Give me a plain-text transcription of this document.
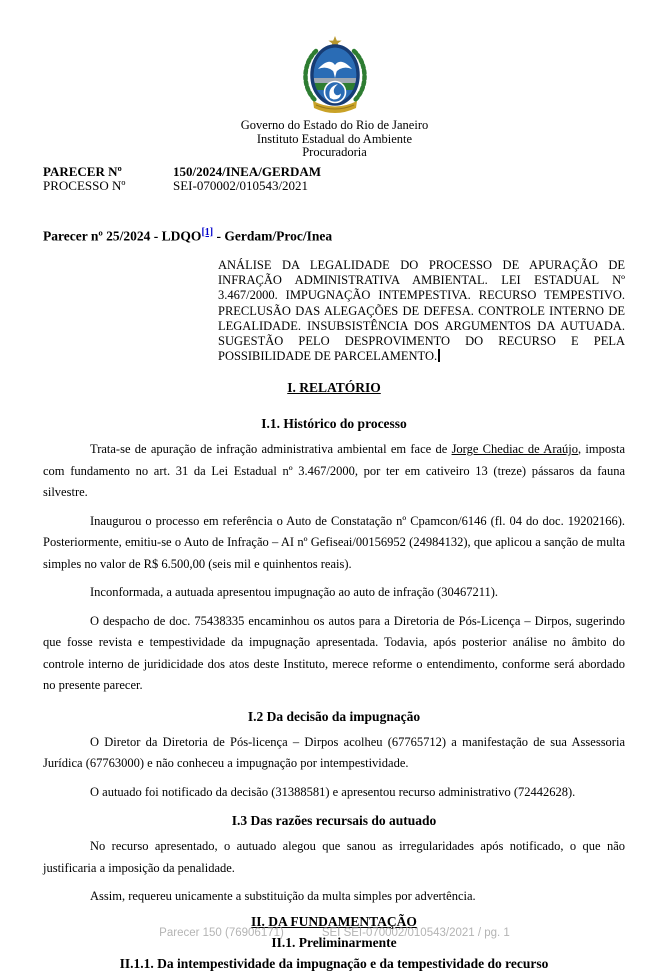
Governo do Estado do Rio de Janeiro
Instituto Estadual do Ambiente
Procuradoria
PARECER Nº	150/2024/INEA/GERDAM
PROCESSO Nº	SEI-070002/010543/2021
Parecer nº 25/2024 - LDQO[1] - Gerdam/Proc/Inea
ANÁLISE DA LEGALIDADE DO PROCESSO DE APURAÇÃO DE INFRAÇÃO ADMINISTRATIVA AMBIENTAL. LEI ESTADUAL Nº 3.467/2000. IMPUGNAÇÃO INTEMPESTIVA. RECURSO TEMPESTIVO. PRECLUSÃO DAS ALEGAÇÕES DE DEFESA. CONTROLE INTERNO DE LEGALIDADE. INSUBSISTÊNCIA DOS ARGUMENTOS DA AUTUADA. SUGESTÃO PELO DESPROVIMENTO DO RECURSO E PELA POSSIBILIDADE DE PARCELAMENTO.
I. RELATÓRIO
I.1. Histórico do processo

Trata-se de apuração de infração administrativa ambiental em face de Jorge Chediac de Araújo, imposta com fundamento no art. 31 da Lei Estadual nº 3.467/2000, por ter em cativeiro 13 (treze) pássaros da fauna silvestre.

Inaugurou o processo em referência o Auto de Constatação nº Cpamcon/6146 (fl. 04 do doc. 19202166). Posteriormente, emitiu-se o Auto de Infração – AI nº Gefiseai/00156952 (24984132), que aplicou a sanção de multa simples no valor de R$ 6.500,00 (seis mil e quinhentos reais).

Inconformada, a autuada apresentou impugnação ao auto de infração (30467211).

O despacho de doc. 75438335 encaminhou os autos para a Diretoria de Pós-Licença – Dirpos, sugerindo que fosse revista e tempestividade da impugnação apresentada. Todavia, após posterior análise no âmbito do controle interno de juridicidade dos atos deste Instituto, merece reforme o entendimento, conforme será abordado no presente parecer.

I.2 Da decisão da impugnação

O Diretor da Diretoria de Pós-licença – Dirpos acolheu (67765712) a manifestação de sua Assessoria Jurídica (67763000) e não conheceu a impugnação por intempestividade.

O autuado foi notificado da decisão (31388581) e apresentou recurso administrativo (72442628).

I.3 Das razões recursais do autuado

No recurso apresentado, o autuado alegou que sanou as irregularidades após notificado, o que não justificaria a imposição da penalidade.

Assim, requereu unicamente a substituição da multa simples por advertência.

II. DA FUNDAMENTAÇÃO
II.1. Preliminarmente
II.1.1. Da intempestividade da impugnação e da tempestividade do recurso
Parecer 150 (76906171)	SEI SEI-070002/010543/2021 / pg. 1
